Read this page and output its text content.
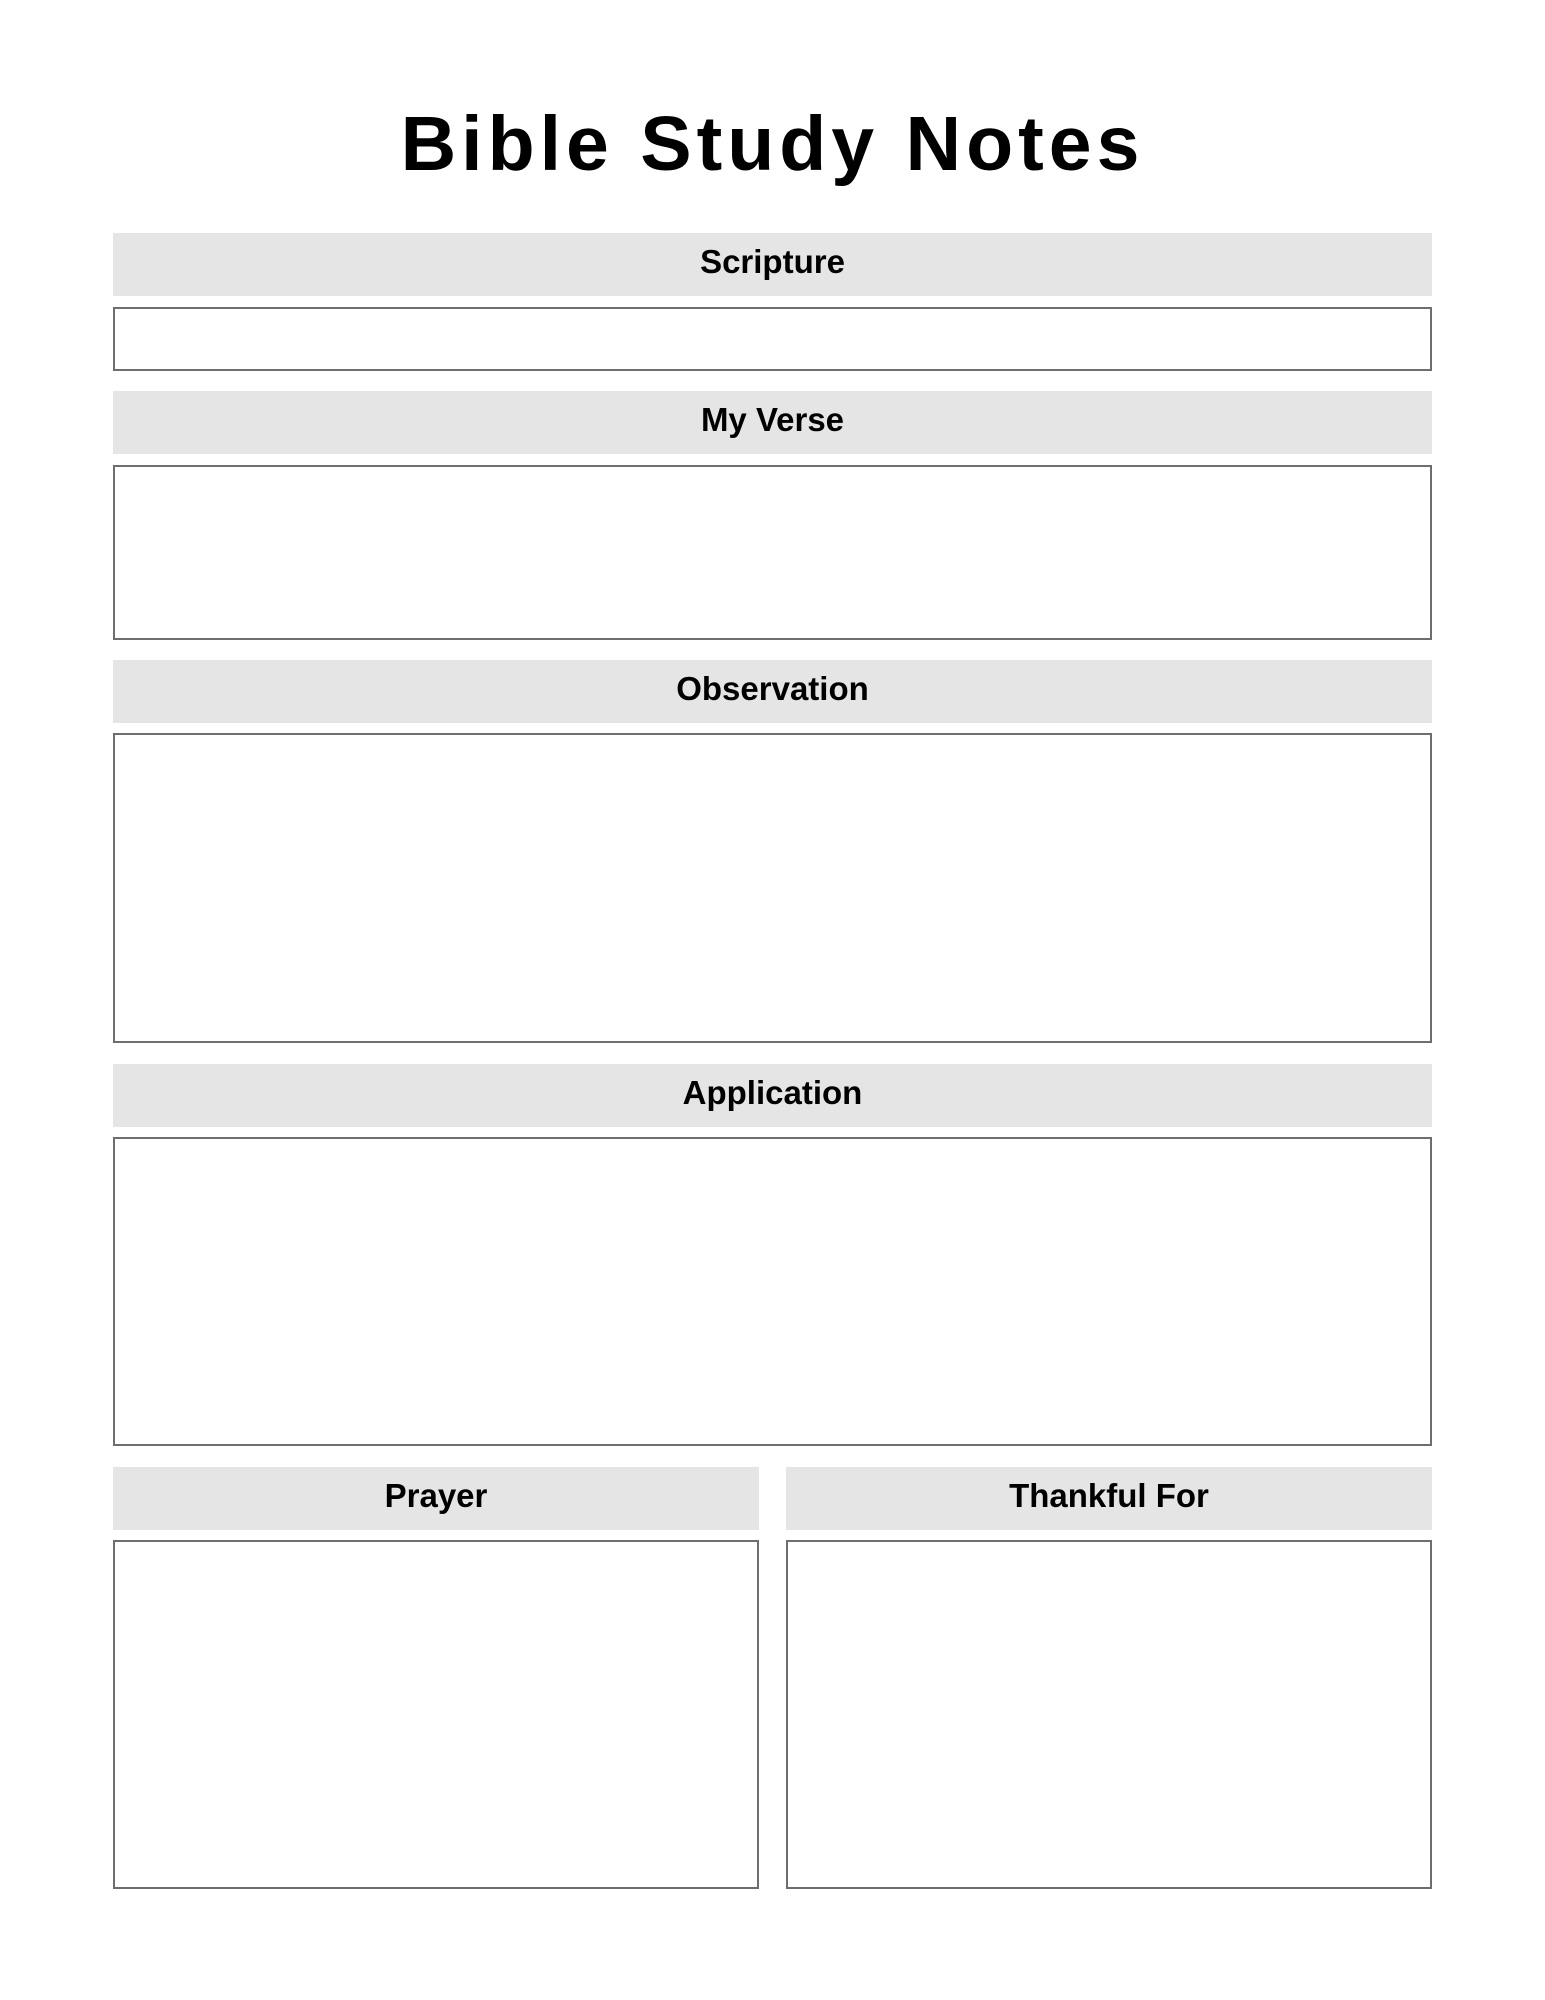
Bible Study Notes
Scripture
My Verse
Observation
Application
Prayer	Thankful For
